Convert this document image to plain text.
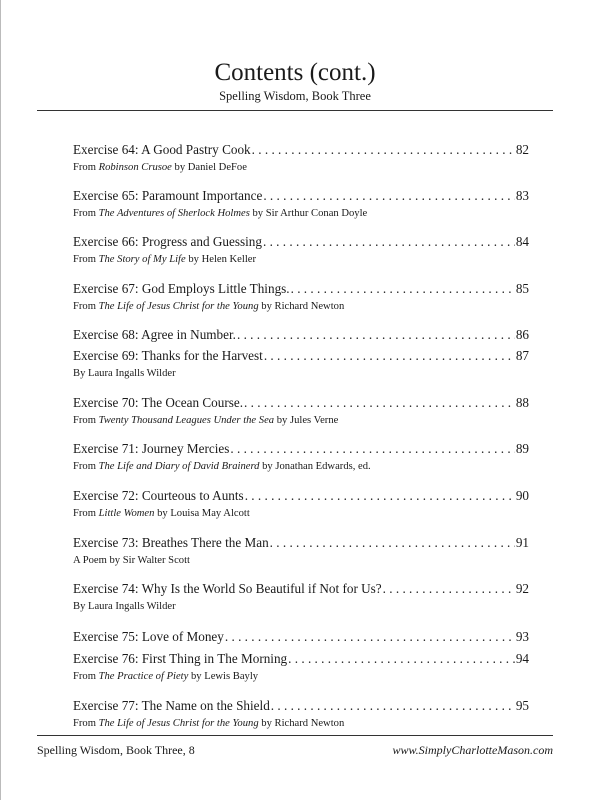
Contents (cont.)
Spelling Wisdom, Book Three
Exercise 64: A Good Pastry Cook . . .	82
From Robinson Crusoe by Daniel DeFoe
Exercise 65: Paramount Importance . . .	83
From The Adventures of Sherlock Holmes by Sir Arthur Conan Doyle
Exercise 66: Progress and Guessing . . .	84
From The Story of My Life by Helen Keller
Exercise 67: God Employs Little Things. . . .	85
From The Life of Jesus Christ for the Young by Richard Newton
Exercise 68: Agree in Number. . . .	86
Exercise 69: Thanks for the Harvest . . .	87
By Laura Ingalls Wilder
Exercise 70: The Ocean Course. . . .	88
From Twenty Thousand Leagues Under the Sea by Jules Verne
Exercise 71: Journey Mercies . . .	89
From The Life and Diary of David Brainerd by Jonathan Edwards, ed.
Exercise 72: Courteous to Aunts . . .	90
From Little Women by Louisa May Alcott
Exercise 73: Breathes There the Man . . .	91
A Poem by Sir Walter Scott
Exercise 74: Why Is the World So Beautiful if Not for Us? . . .	92
By Laura Ingalls Wilder
Exercise 75: Love of Money . . .	93
Exercise 76: First Thing in The Morning . . .	94
From The Practice of Piety by Lewis Bayly
Exercise 77: The Name on the Shield . . .	95
From The Life of Jesus Christ for the Young by Richard Newton
Spelling Wisdom, Book Three, 8	www.SimplyCharlotteMason.com
